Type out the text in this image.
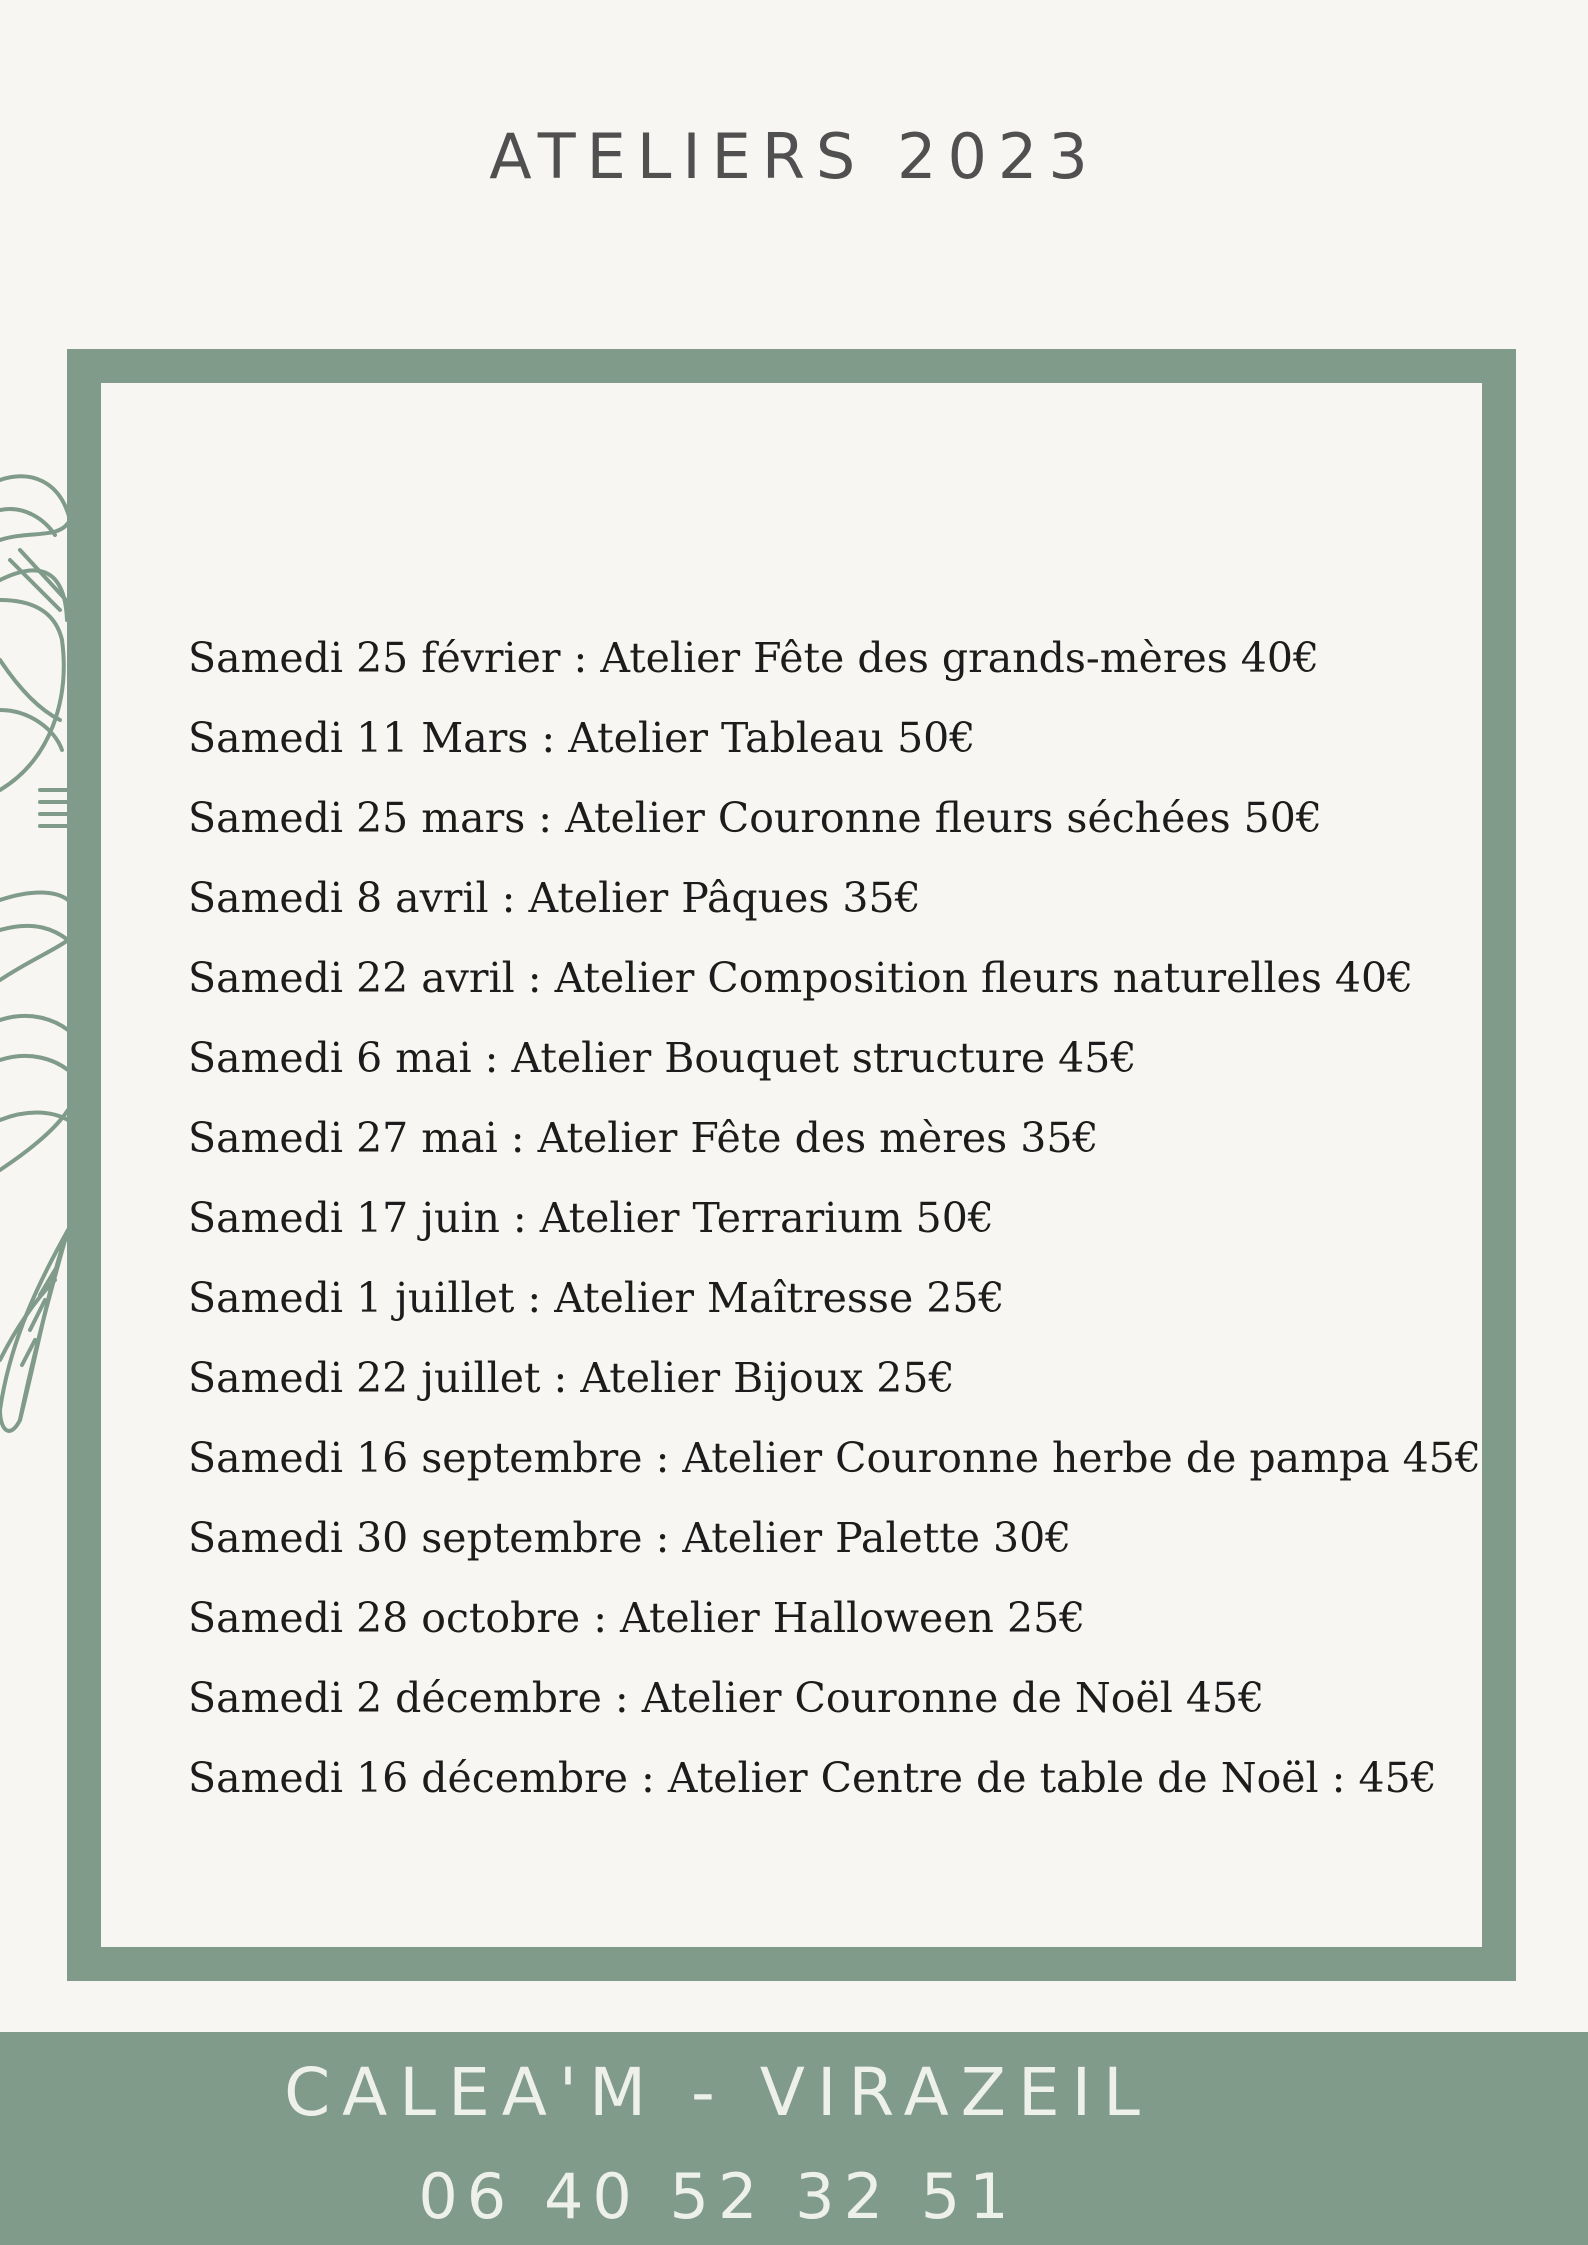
ATELIERS 2023
Samedi 25 février : Atelier Fête des grands-mères 40€
Samedi 11 Mars : Atelier Tableau 50€
Samedi 25 mars : Atelier Couronne fleurs séchées 50€
Samedi 8 avril : Atelier Pâques 35€
Samedi 22 avril : Atelier Composition fleurs naturelles 40€
Samedi 6 mai : Atelier Bouquet structure 45€
Samedi 27 mai : Atelier Fête des mères 35€
Samedi 17 juin : Atelier Terrarium 50€
Samedi 1 juillet : Atelier Maîtresse 25€
Samedi 22 juillet : Atelier Bijoux 25€
Samedi 16 septembre : Atelier Couronne herbe de pampa 45€
Samedi 30 septembre : Atelier Palette 30€
Samedi 28 octobre : Atelier Halloween 25€
Samedi 2 décembre : Atelier Couronne de Noël 45€
Samedi 16 décembre : Atelier Centre de table de Noël : 45€
CALEA'M - VIRAZEIL
06 40 52 32 51
